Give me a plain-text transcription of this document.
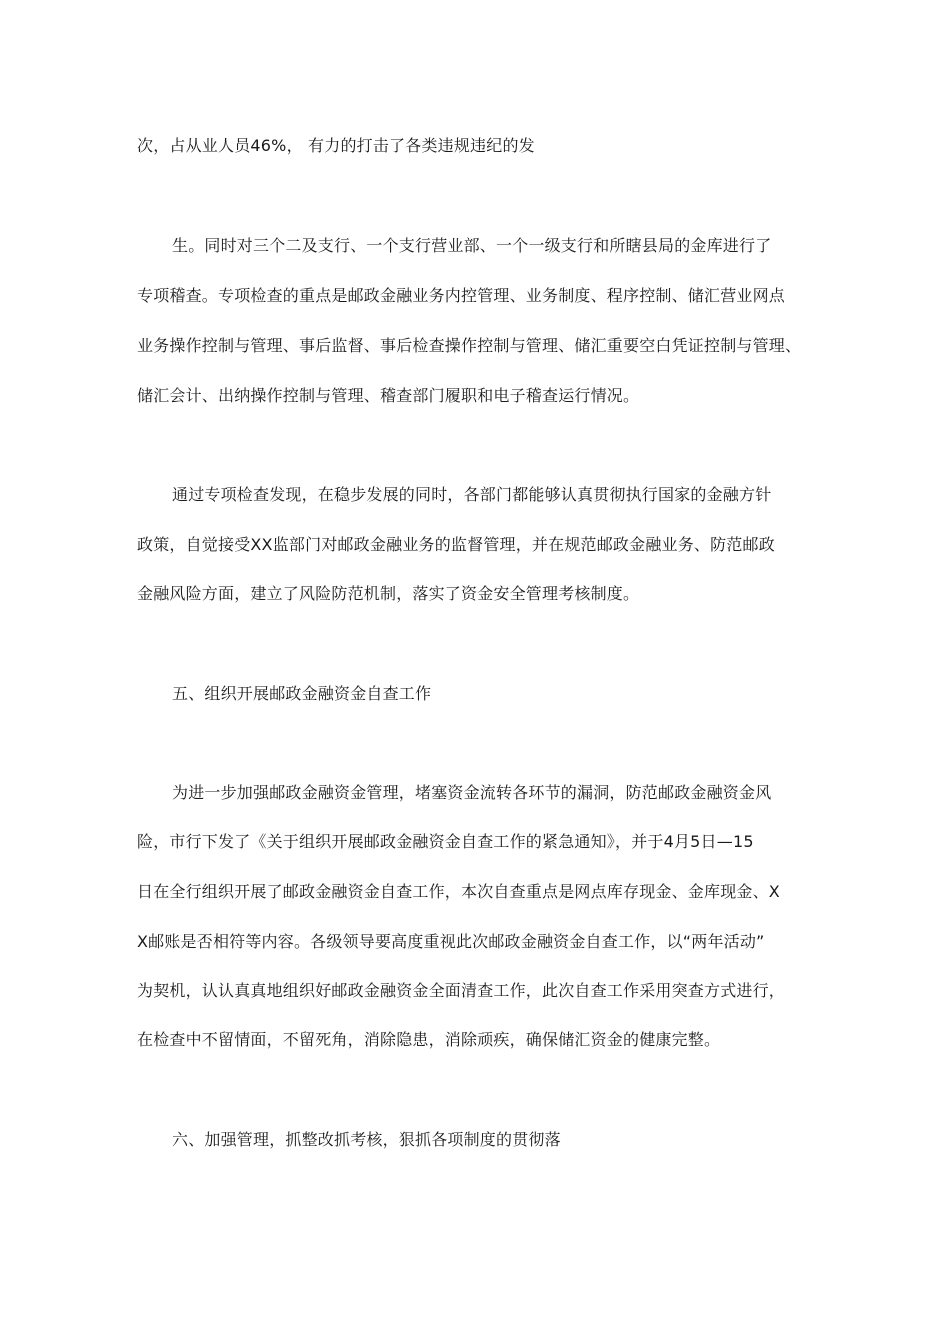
次，占从业人员46%， 有力的打击了各类违规违纪的发
生。同时对三个二及支行、一个支行营业部、一个一级支行和所瞎县局的金库进行了
专项稽查。专项检查的重点是邮政金融业务内控管理、业务制度、程序控制、储汇营业网点
业务操作控制与管理、事后监督、事后检查操作控制与管理、储汇重要空白凭证控制与管理、
储汇会计、出纳操作控制与管理、稽查部门履职和电子稽查运行情况。
通过专项检查发现，在稳步发展的同时，各部门都能够认真贯彻执行国家的金融方针
政策，自觉接受XX监部门对邮政金融业务的监督管理，并在规范邮政金融业务、防范邮政
金融风险方面，建立了风险防范机制，落实了资金安全管理考核制度。
五、组织开展邮政金融资金自查工作
为进一步加强邮政金融资金管理，堵塞资金流转各环节的漏洞，防范邮政金融资金风
险，市行下发了《关于组织开展邮政金融资金自查工作的紧急通知》，并于4月5日—15
日在全行组织开展了邮政金融资金自查工作，本次自查重点是网点库存现金、金库现金、X
X邮账是否相符等内容。各级领导要高度重视此次邮政金融资金自查工作，以“两年活动”
为契机，认认真真地组织好邮政金融资金全面清查工作，此次自查工作采用突查方式进行，
在检查中不留情面，不留死角，消除隐患，消除顽疾，确保储汇资金的健康完整。
六、加强管理，抓整改抓考核，狠抓各项制度的贯彻落
